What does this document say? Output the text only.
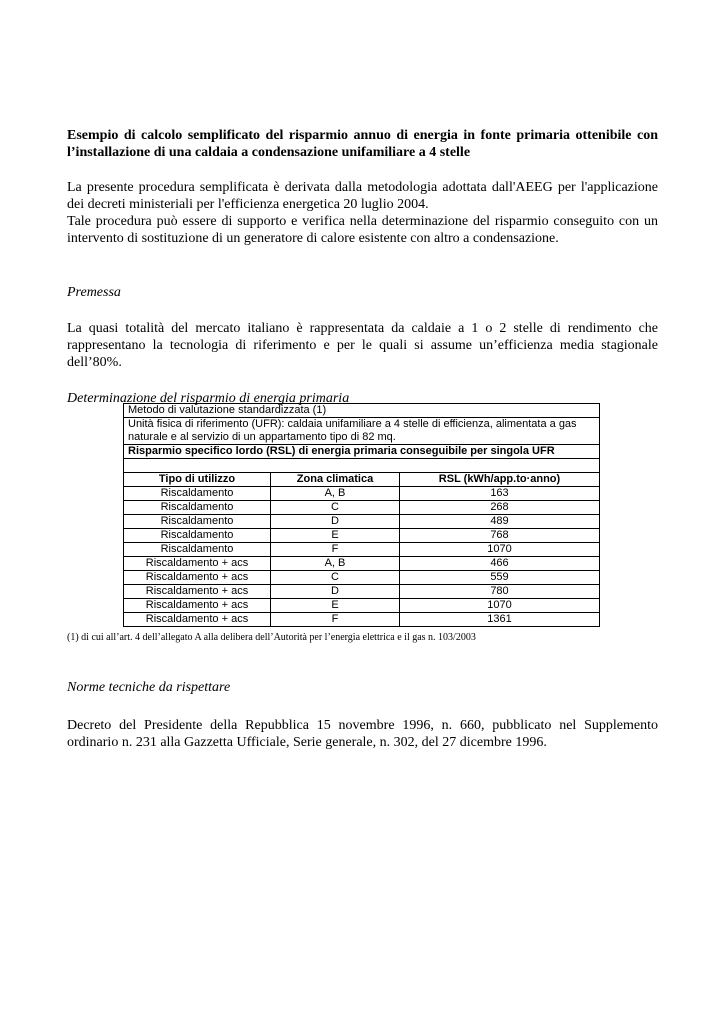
Esempio di calcolo semplificato del risparmio annuo di energia in fonte primaria ottenibile con l’installazione di una caldaia a condensazione unifamiliare a 4 stelle

La presente procedura semplificata è derivata dalla metodologia adottata dall'AEEG per l'applicazione dei decreti ministeriali per l'efficienza energetica 20 luglio 2004.

Tale procedura può essere di supporto e verifica nella determinazione del risparmio conseguito con un intervento di sostituzione di un generatore di calore esistente con altro a condensazione.

Premessa

La quasi totalità del mercato italiano è rappresentata da caldaie a 1 o 2 stelle di rendimento che rappresentano la tecnologia di riferimento e per le quali si assume un’efficienza media stagionale dell’80%.

Determinazione del risparmio di energia primaria
Metodo di valutazione standardizzata (1)		
Unità fisica di riferimento (UFR): caldaia unifamiliare a 4 stelle di efficienza, alimentata a gas naturale e al servizio di un appartamento tipo di 82 mq.		
Risparmio specifico lordo (RSL) di energia primaria conseguibile per singola UFR		

Tipo di utilizzo	Zona climatica	RSL (kWh/app.to·anno)
Riscaldamento	A, B	163
Riscaldamento	C	268
Riscaldamento	D	489
Riscaldamento	E	768
Riscaldamento	F	1070
Riscaldamento + acs	A, B	466
Riscaldamento + acs	C	559
Riscaldamento + acs	D	780
Riscaldamento + acs	E	1070
Riscaldamento + acs	F	1361

(1) di cui all’art. 4 dell’allegato A alla delibera dell’Autorità per l’energia elettrica e il gas n. 103/2003

Norme tecniche da rispettare

Decreto del Presidente della Repubblica 15 novembre 1996, n. 660, pubblicato nel Supplemento ordinario n. 231 alla Gazzetta Ufficiale, Serie generale, n. 302, del 27 dicembre 1996.
